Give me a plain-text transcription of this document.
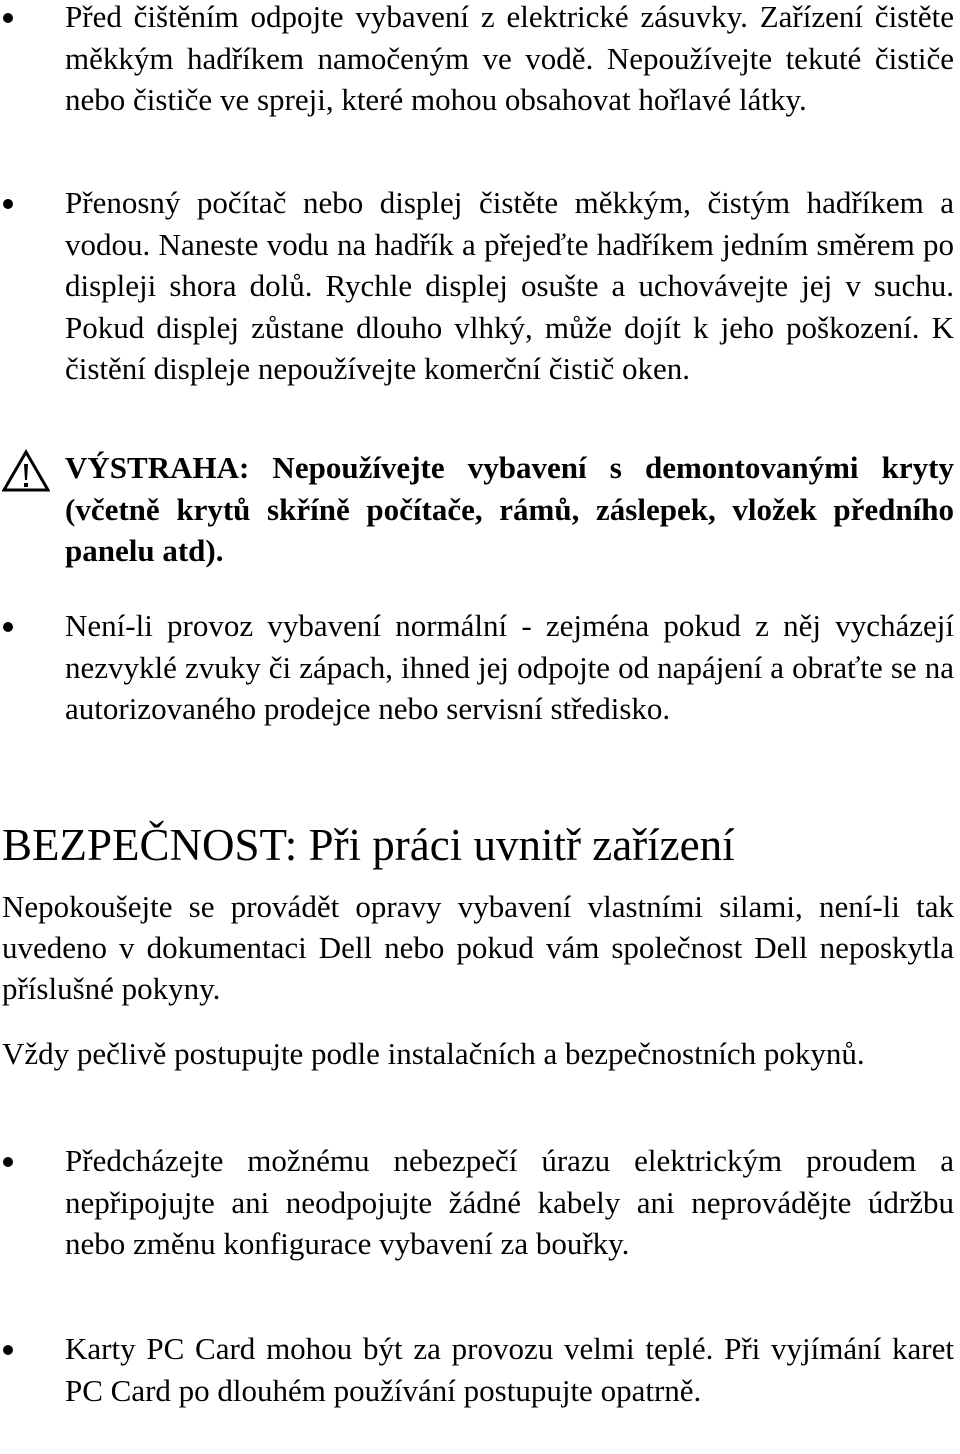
Před čištěním odpojte vybavení z elektrické zásuvky. Zařízení čistěte měkkým hadříkem namočeným ve vodě. Nepoužívejte tekuté čističe nebo čističe ve spreji, které mohou obsahovat hořlavé látky.
Přenosný počítač nebo displej čistěte měkkým, čistým hadříkem a vodou. Naneste vodu na hadřík a přejeďte hadříkem jedním směrem po displeji shora dolů. Rychle displej osušte a uchovávejte jej v suchu. Pokud displej zůstane dlouho vlhký, může dojít k jeho poškození. K čistění displeje nepoužívejte komerční čistič oken.
VÝSTRAHA: Nepoužívejte vybavení s demontovanými kryty (včetně krytů skříně počítače, rámů, záslepek, vložek předního panelu atd).
Není-li provoz vybavení normální - zejména pokud z něj vycházejí nezvyklé zvuky či zápach, ihned jej odpojte od napájení a obraťte se na autorizovaného prodejce nebo servisní středisko.
BEZPEČNOST: Při práci uvnitř zařízení

Nepokoušejte se provádět opravy vybavení vlastními silami, není-li tak uvedeno v dokumentaci Dell nebo pokud vám společnost Dell neposkytla příslušné pokyny.

Vždy pečlivě postupujte podle instalačních a bezpečnostních pokynů.

Předcházejte možnému nebezpečí úrazu elektrickým proudem a nepřipojujte ani neodpojujte žádné kabely ani neprovádějte údržbu nebo změnu konfigurace vybavení za bouřky.
Karty PC Card mohou být za provozu velmi teplé. Při vyjímání karet PC Card po dlouhém používání postupujte opatrně.
